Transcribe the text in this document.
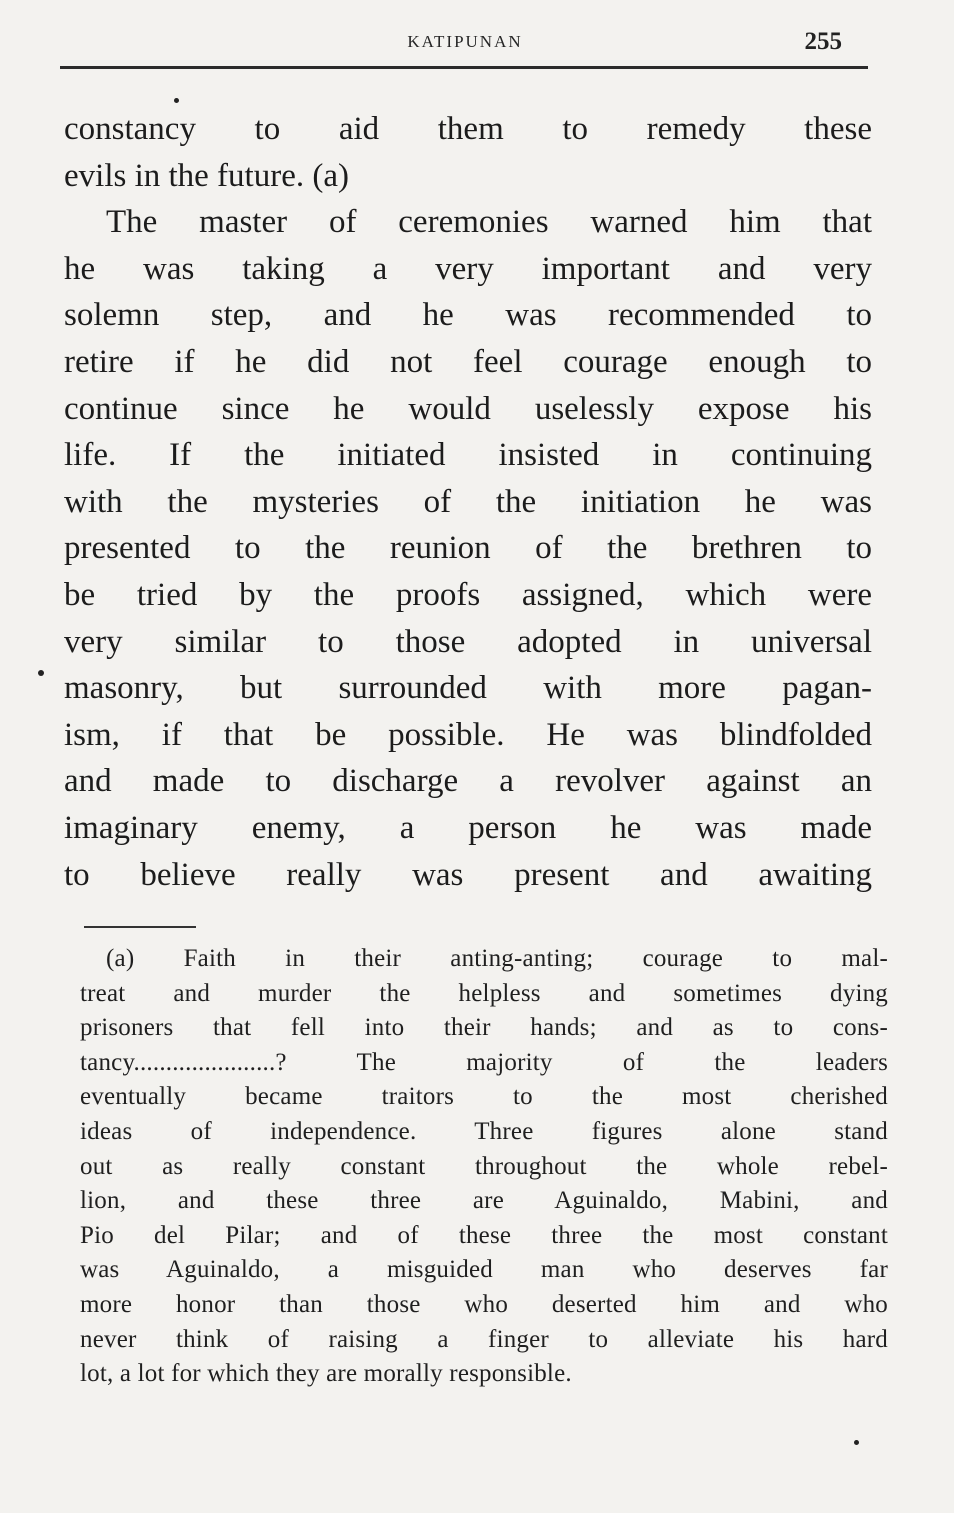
KATIPUNAN	255
constancy to aid them to remedy these
evils in the future. (a)
The master of ceremonies warned him that
he was taking a very important and very
solemn step, and he was recommended to
retire if he did not feel courage enough to
continue since he would uselessly expose his
life. If the initiated insisted in continuing
with the mysteries of the initiation he was
presented to the reunion of the brethren to
be tried by the proofs assigned, which were
very similar to those adopted in universal
masonry, but surrounded with more pagan-
ism, if that be possible. He was blindfolded
and made to discharge a revolver against an
imaginary enemy, a person he was made
to believe really was present and awaiting
(a) Faith in their anting-anting; courage to mal-
treat and murder the helpless and sometimes dying
prisoners that fell into their hands; and as to cons-
tancy......................? The majority of the leaders
eventually became traitors to the most cherished
ideas of independence. Three figures alone stand
out as really constant throughout the whole rebel-
lion, and these three are Aguinaldo, Mabini, and
Pio del Pilar; and of these three the most constant
was Aguinaldo, a misguided man who deserves far
more honor than those who deserted him and who
never think of raising a finger to alleviate his hard
lot, a lot for which they are morally responsible.
